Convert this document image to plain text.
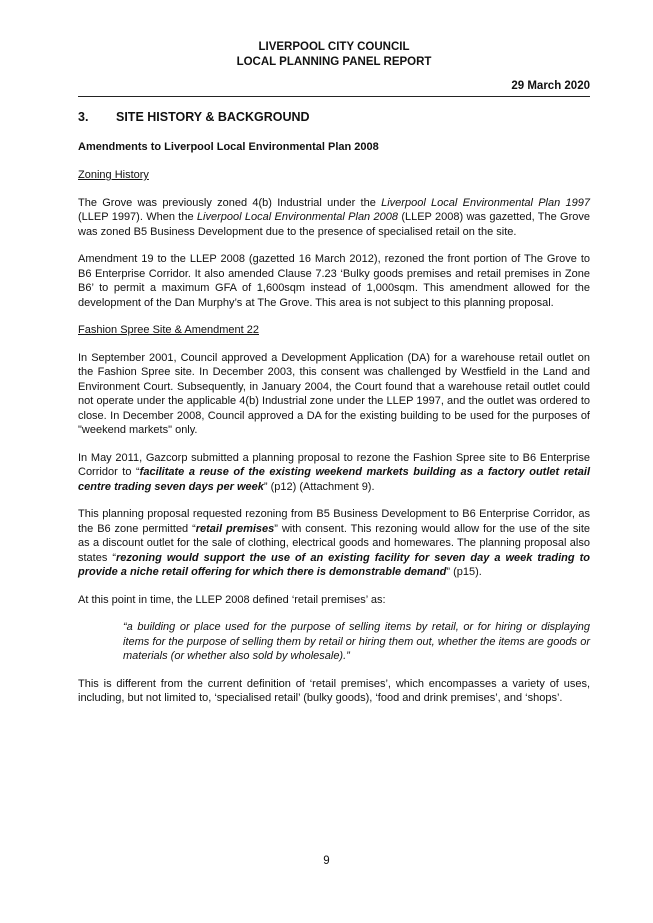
LIVERPOOL CITY COUNCIL
LOCAL PLANNING PANEL REPORT
29 March 2020
3. SITE HISTORY & BACKGROUND
Amendments to Liverpool Local Environmental Plan 2008
Zoning History

The Grove was previously zoned 4(b) Industrial under the Liverpool Local Environmental Plan 1997 (LLEP 1997). When the Liverpool Local Environmental Plan 2008 (LLEP 2008) was gazetted, The Grove was zoned B5 Business Development due to the presence of specialised retail on the site.

Amendment 19 to the LLEP 2008 (gazetted 16 March 2012), rezoned the front portion of The Grove to B6 Enterprise Corridor. It also amended Clause 7.23 ‘Bulky goods premises and retail premises in Zone B6’ to permit a maximum GFA of 1,600sqm instead of 1,000sqm. This amendment allowed for the development of the Dan Murphy’s at The Grove. This area is not subject to this planning proposal.

Fashion Spree Site & Amendment 22

In September 2001, Council approved a Development Application (DA) for a warehouse retail outlet on the Fashion Spree site. In December 2003, this consent was challenged by Westfield in the Land and Environment Court. Subsequently, in January 2004, the Court found that a warehouse retail outlet could not operate under the applicable 4(b) Industrial zone under the LLEP 1997, and the outlet was ordered to close. In December 2008, Council approved a DA for the existing building to be used for the purposes of "weekend markets" only.

In May 2011, Gazcorp submitted a planning proposal to rezone the Fashion Spree site to B6 Enterprise Corridor to “facilitate a reuse of the existing weekend markets building as a factory outlet retail centre trading seven days per week” (p12) (Attachment 9).

This planning proposal requested rezoning from B5 Business Development to B6 Enterprise Corridor, as the B6 zone permitted “retail premises” with consent. This rezoning would allow for the use of the site as a discount outlet for the sale of clothing, electrical goods and homewares. The planning proposal also states “rezoning would support the use of an existing facility for seven day a week trading to provide a niche retail offering for which there is demonstrable demand” (p15).

At this point in time, the LLEP 2008 defined ‘retail premises’ as:

“a building or place used for the purpose of selling items by retail, or for hiring or displaying items for the purpose of selling them by retail or hiring them out, whether the items are goods or materials (or whether also sold by wholesale).”

This is different from the current definition of ‘retail premises’, which encompasses a variety of uses, including, but not limited to, ‘specialised retail’ (bulky goods), ‘food and drink premises’, and ‘shops’.

9
